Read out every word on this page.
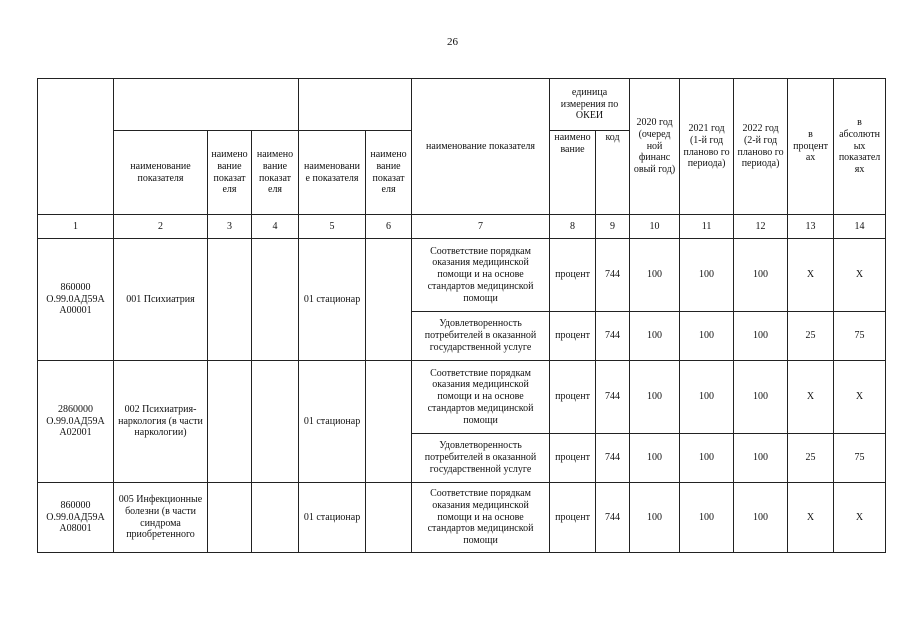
26
						наименование показателя	единица измерения по ОКЕИ		2020 год (очеред ной финанс овый год)	2021 год (1-й год планово го периода)	2022 год (2-й год планово го периода)	в процент ах	в абсолютн ых показател ях
	наименование показателя	наимено вание показат еля	наимено вание показат еля	наименовани е показателя	наимено вание показат еля		наимено вание	код					

1	2	3	4	5	6	7	8	9	10	11	12	13	14
860000 О.99.0АД59А А00001	001 Психиатрия			01 стационар		Соответствие порядкам оказания медицинской помощи и на основе стандартов медицинской помощи	процент	744	100	100	100	X	X
						Удовлетворенность потребителей в оказанной государственной услуге	процент	744	100	100	100	25	75
2860000 О.99.0АД59А А02001	002 Психиатрия-наркология (в части наркологии)			01 стационар		Соответствие порядкам оказания медицинской помощи и на основе стандартов медицинской помощи	процент	744	100	100	100	X	X
						Удовлетворенность потребителей в оказанной государственной услуге	процент	744	100	100	100	25	75
860000 О.99.0АД59А А08001	005 Инфекционные болезни (в части синдрома приобретенного			01 стационар		Соответствие порядкам оказания медицинской помощи и на основе стандартов медицинской помощи	процент	744	100	100	100	X	X
